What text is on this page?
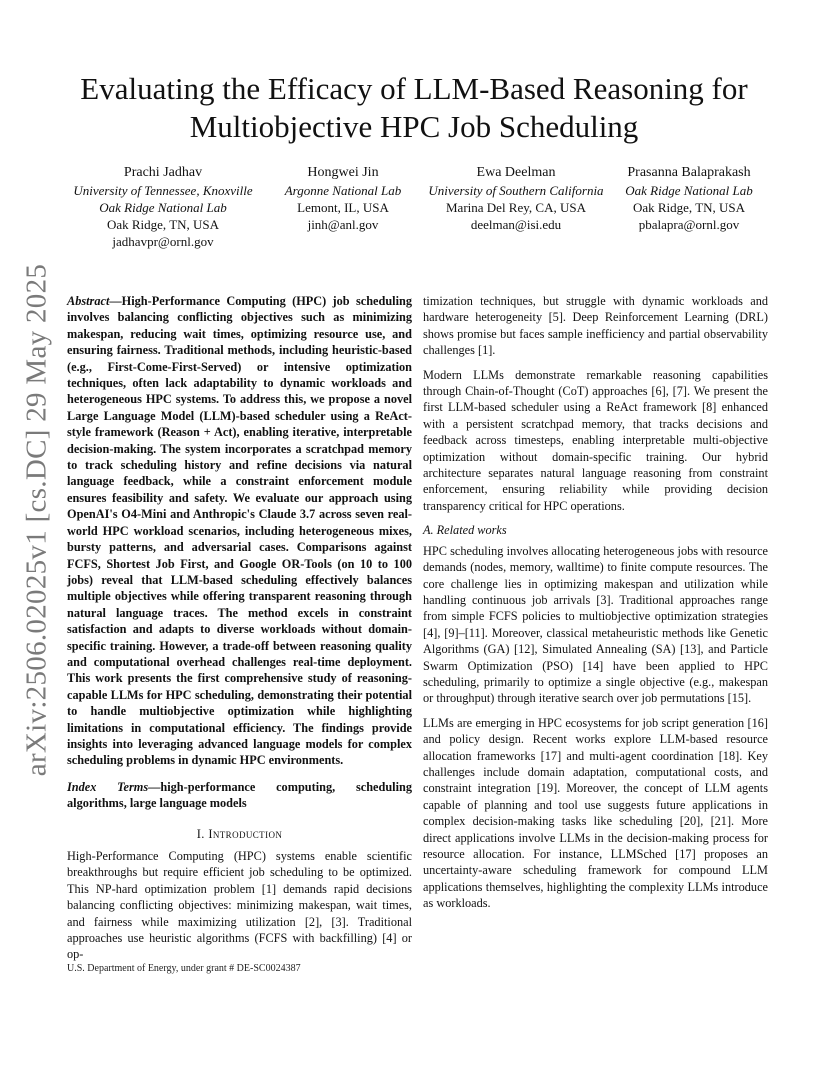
arXiv:2506.02025v1 [cs.DC] 29 May 2025
Evaluating the Efficacy of LLM-Based Reasoning for Multiobjective HPC Job Scheduling
Prachi Jadhav
University of Tennessee, Knoxville
Oak Ridge National Lab
Oak Ridge, TN, USA
jadhavpr@ornl.gov
Hongwei Jin
Argonne National Lab
Lemont, IL, USA
jinh@anl.gov
Ewa Deelman
University of Southern California
Marina Del Rey, CA, USA
deelman@isi.edu
Prasanna Balaprakash
Oak Ridge National Lab
Oak Ridge, TN, USA
pbalapra@ornl.gov

Abstract—High-Performance Computing (HPC) job scheduling involves balancing conflicting objectives such as minimizing makespan, reducing wait times, optimizing resource use, and ensuring fairness. Traditional methods, including heuristic-based (e.g., First-Come-First-Served) or intensive optimization techniques, often lack adaptability to dynamic workloads and heterogeneous HPC systems. To address this, we propose a novel Large Language Model (LLM)-based scheduler using a ReAct-style framework (Reason + Act), enabling iterative, interpretable decision-making. The system incorporates a scratchpad memory to track scheduling history and refine decisions via natural language feedback, while a constraint enforcement module ensures feasibility and safety. We evaluate our approach using OpenAI's O4-Mini and Anthropic's Claude 3.7 across seven real-world HPC workload scenarios, including heterogeneous mixes, bursty patterns, and adversarial cases. Comparisons against FCFS, Shortest Job First, and Google OR-Tools (on 10 to 100 jobs) reveal that LLM-based scheduling effectively balances multiple objectives while offering transparent reasoning through natural language traces. The method excels in constraint satisfaction and adapts to diverse workloads without domain-specific training. However, a trade-off between reasoning quality and computational overhead challenges real-time deployment. This work presents the first comprehensive study of reasoning-capable LLMs for HPC scheduling, demonstrating their potential to handle multiobjective optimization while highlighting limitations in computational efficiency. The findings provide insights into leveraging advanced language models for complex scheduling problems in dynamic HPC environments.

Index Terms—high-performance computing, scheduling algorithms, large language models

I. Introduction

High-Performance Computing (HPC) systems enable scientific breakthroughs but require efficient job scheduling to be optimized. This NP-hard optimization problem [1] demands rapid decisions balancing conflicting objectives: minimizing makespan, wait times, and fairness while maximizing utilization [2], [3]. Traditional approaches use heuristic algorithms (FCFS with backfilling) [4] or op-

U.S. Department of Energy, under grant # DE-SC0024387

timization techniques, but struggle with dynamic workloads and hardware heterogeneity [5]. Deep Reinforcement Learning (DRL) shows promise but faces sample inefficiency and partial observability challenges [1].

Modern LLMs demonstrate remarkable reasoning capabilities through Chain-of-Thought (CoT) approaches [6], [7]. We present the first LLM-based scheduler using a ReAct framework [8] enhanced with a persistent scratchpad memory, that tracks decisions and feedback across timesteps, enabling interpretable multi-objective optimization without domain-specific training. Our hybrid architecture separates natural language reasoning from constraint enforcement, ensuring reliability while providing decision transparency critical for HPC operations.

A. Related works

HPC scheduling involves allocating heterogeneous jobs with resource demands (nodes, memory, walltime) to finite compute resources. The core challenge lies in optimizing makespan and utilization while handling continuous job arrivals [3]. Traditional approaches range from simple FCFS policies to multiobjective optimization strategies [4], [9]–[11]. Moreover, classical metaheuristic methods like Genetic Algorithms (GA) [12], Simulated Annealing (SA) [13], and Particle Swarm Optimization (PSO) [14] have been applied to HPC scheduling, primarily to optimize a single objective (e.g., makespan or throughput) through iterative search over job permutations [15].

LLMs are emerging in HPC ecosystems for job script generation [16] and policy design. Recent works explore LLM-based resource allocation frameworks [17] and multi-agent coordination [18]. Key challenges include domain adaptation, computational costs, and constraint integration [19]. Moreover, the concept of LLM agents capable of planning and tool use suggests future applications in complex decision-making tasks like scheduling [20], [21]. More direct applications involve LLMs in the decision-making process for resource allocation. For instance, LLMSched [17] proposes an uncertainty-aware scheduling framework for compound LLM applications themselves, highlighting the complexity LLMs introduce as workloads.
